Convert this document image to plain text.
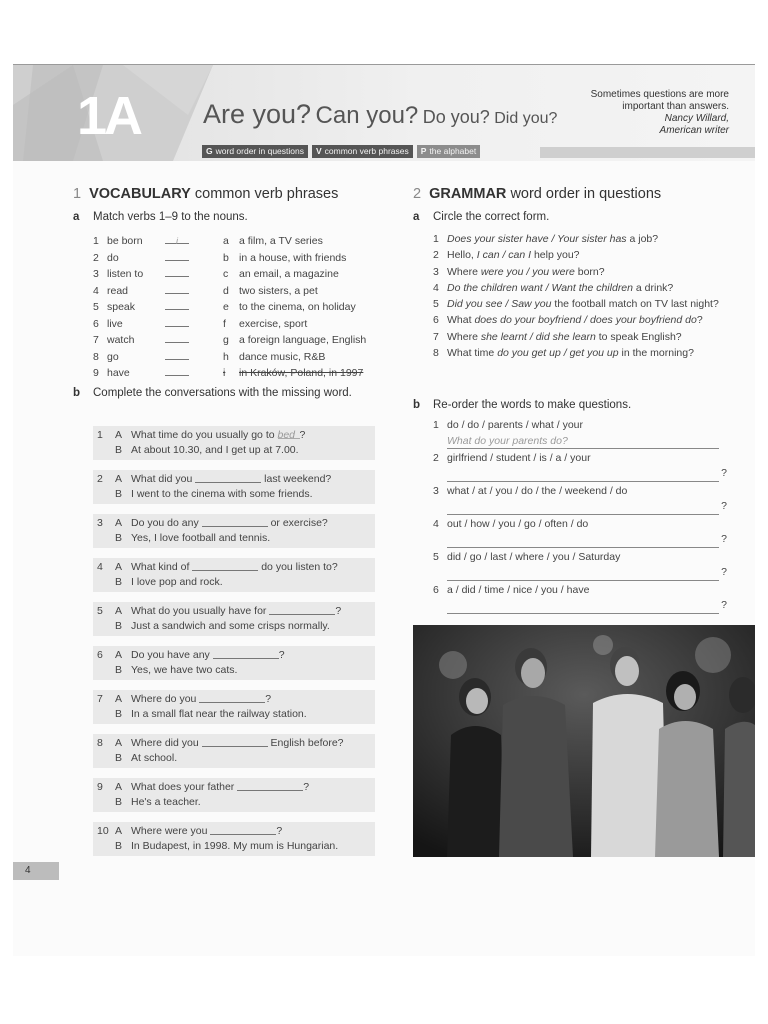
1A Are you? Can you? Do you? Did you?
Sometimes questions are more
important than answers.
Nancy Willard,
American writer
G word order in questions	V common verb phrases	P the alphabet
1 VOCABULARY common verb phrases
a Match verbs 1–9 to the nouns.
1 be born	i	a a film, a TV series
2 do	b in a house, with friends
3 listen to	c	an email, a magazine
4 read	d two sisters, a pet
5 speak	e to the cinema, on holiday
6 live	f	exercise, sport
7 watch	g a foreign language, English
8 go	h dance music, R&B
9 have	i	in Kraków, Poland, in 1997
b Complete the conversations with the missing word.
1	A What time do you usually go to
bed ?
B At about 10.30, and I get up at 7.00.
2	A What did you

	last weekend?
B I went to the cinema with some friends.
3	A Do you do any

	or exercise?
B Yes, I love football and tennis.
4	A What kind of

	do you listen to?
B I love pop and rock.
5	A What do you usually have for
	?
B Just a sandwich and some crisps normally.
6	A Do you have any
	?
B Yes, we have two cats.
7	A Where do you
	?
B In a small flat near the railway station.
8	A Where did you

	English before?
B At school.
9	A What does your father
	?
B He's a teacher.
10 A Where were you
	?
B In Budapest, in 1998. My mum is Hungarian.
2 GRAMMAR word order in questions
a Circle the correct form.
1 Does your sister have / Your sister has a job?
2 Hello, I can / can I help you?
3 Where were you / you were born?
4 Do the children want / Want the children a drink?
5 Did you see / Saw you the football match on TV last night?
6 What does do your boyfriend / does your boyfriend do?
7 Where she learnt / did she learn to speak English?
8 What time do you get up / get you up in the morning?
b Re-order the words to make questions.
1 do / do / parents / what / your
What do your parents do?
2 girlfriend / student / is / a / your
?
3 what / at / you / do / the / weekend / do
?
4 out / how / you / go / often / do
?
5 did / go / last / where / you / Saturday
?
6 a / did / time / nice / you / have
?
4
